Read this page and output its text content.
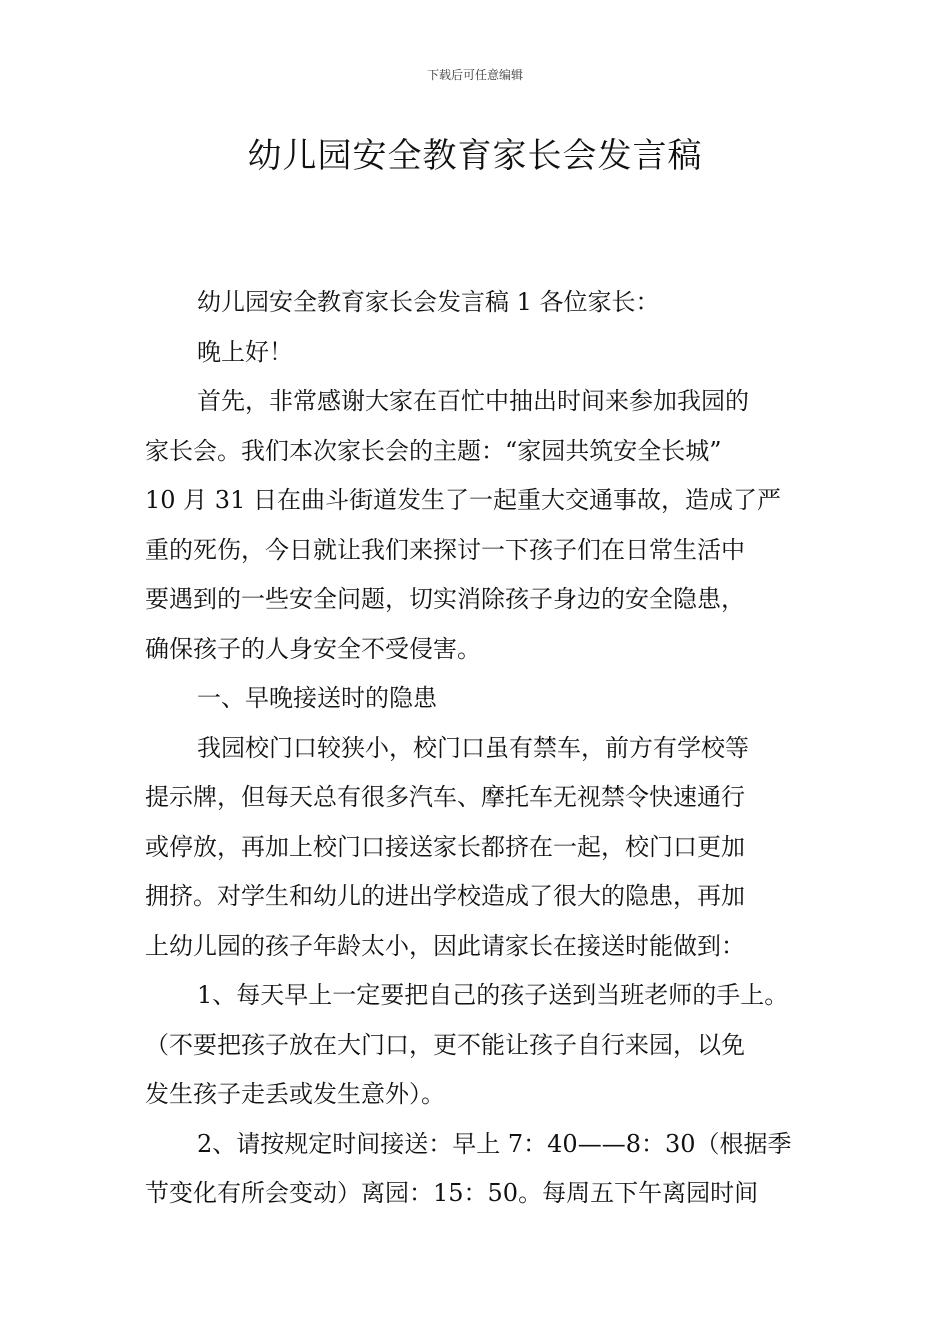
下载后可任意编辑
幼儿园安全教育家长会发言稿
幼儿园安全教育家长会发言稿 1 各位家长：
晚上好！
首先，非常感谢大家在百忙中抽出时间来参加我园的
家长会。我们本次家长会的主题：“家园共筑安全长城”
10 月 31 日在曲斗街道发生了一起重大交通事故，造成了严
重的死伤，今日就让我们来探讨一下孩子们在日常生活中
要遇到的一些安全问题，切实消除孩子身边的安全隐患，
确保孩子的人身安全不受侵害。
一、早晚接送时的隐患
我园校门口较狭小，校门口虽有禁车，前方有学校等
提示牌，但每天总有很多汽车、摩托车无视禁令快速通行
或停放，再加上校门口接送家长都挤在一起，校门口更加
拥挤。对学生和幼儿的进出学校造成了很大的隐患，再加
上幼儿园的孩子年龄太小，因此请家长在接送时能做到：
1、每天早上一定要把自己的孩子送到当班老师的手上。
（不要把孩子放在大门口，更不能让孩子自行来园，以免
发生孩子走丢或发生意外）。
2、请按规定时间接送：早上 7：40——8：30（根据季
节变化有所会变动）离园：15：50。每周五下午离园时间
